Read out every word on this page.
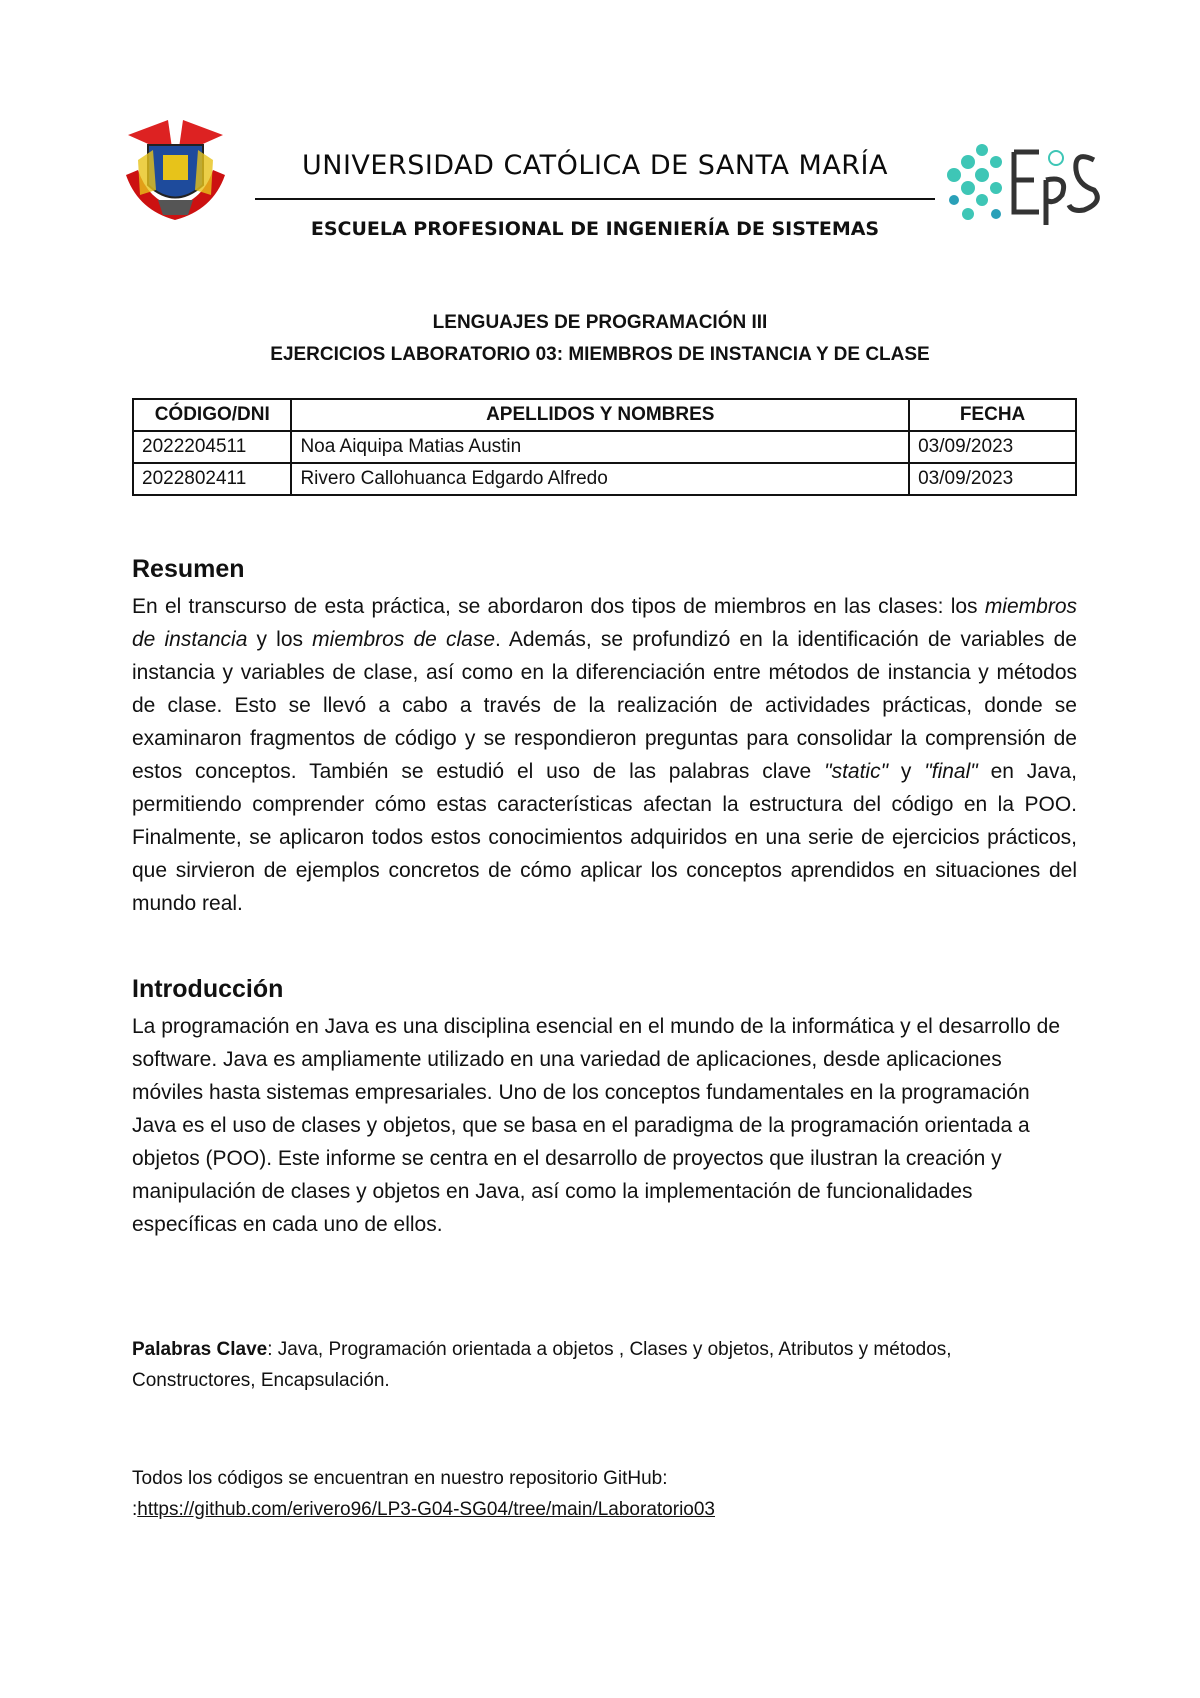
UNIVERSIDAD CATÓLICA DE SANTA MARÍA
ESCUELA PROFESIONAL DE INGENIERÍA DE SISTEMAS
LENGUAJES DE PROGRAMACIÓN III
EJERCICIOS LABORATORIO 03: MIEMBROS DE INSTANCIA Y DE CLASE
CÓDIGO/DNI	APELLIDOS Y NOMBRES	FECHA
2022204511	Noa Aiquipa Matias Austin	03/09/2023
2022802411	Rivero Callohuanca Edgardo Alfredo	03/09/2023
Resumen

En el transcurso de esta práctica, se abordaron dos tipos de miembros en las clases: los miembros de instancia y los miembros de clase. Además, se profundizó en la identificación de variables de instancia y variables de clase, así como en la diferenciación entre métodos de instancia y métodos de clase. Esto se llevó a cabo a través de la realización de actividades prácticas, donde se examinaron fragmentos de código y se respondieron preguntas para consolidar la comprensión de estos conceptos. También se estudió el uso de las palabras clave "static" y "final" en Java, permitiendo comprender cómo estas características afectan la estructura del código en la POO. Finalmente, se aplicaron todos estos conocimientos adquiridos en una serie de ejercicios prácticos, que sirvieron de ejemplos concretos de cómo aplicar los conceptos aprendidos en situaciones del mundo real.

Introducción

La programación en Java es una disciplina esencial en el mundo de la informática y el desarrollo de software. Java es ampliamente utilizado en una variedad de aplicaciones, desde aplicaciones móviles hasta sistemas empresariales. Uno de los conceptos fundamentales en la programación Java es el uso de clases y objetos, que se basa en el paradigma de la programación orientada a objetos (POO). Este informe se centra en el desarrollo de proyectos que ilustran la creación y manipulación de clases y objetos en Java, así como la implementación de funcionalidades específicas en cada uno de ellos.

Palabras Clave: Java, Programación orientada a objetos , Clases y objetos, Atributos y métodos, Constructores, Encapsulación.
Todos los códigos se encuentran en nuestro repositorio GitHub:
:https://github.com/erivero96/LP3-G04-SG04/tree/main/Laboratorio03
